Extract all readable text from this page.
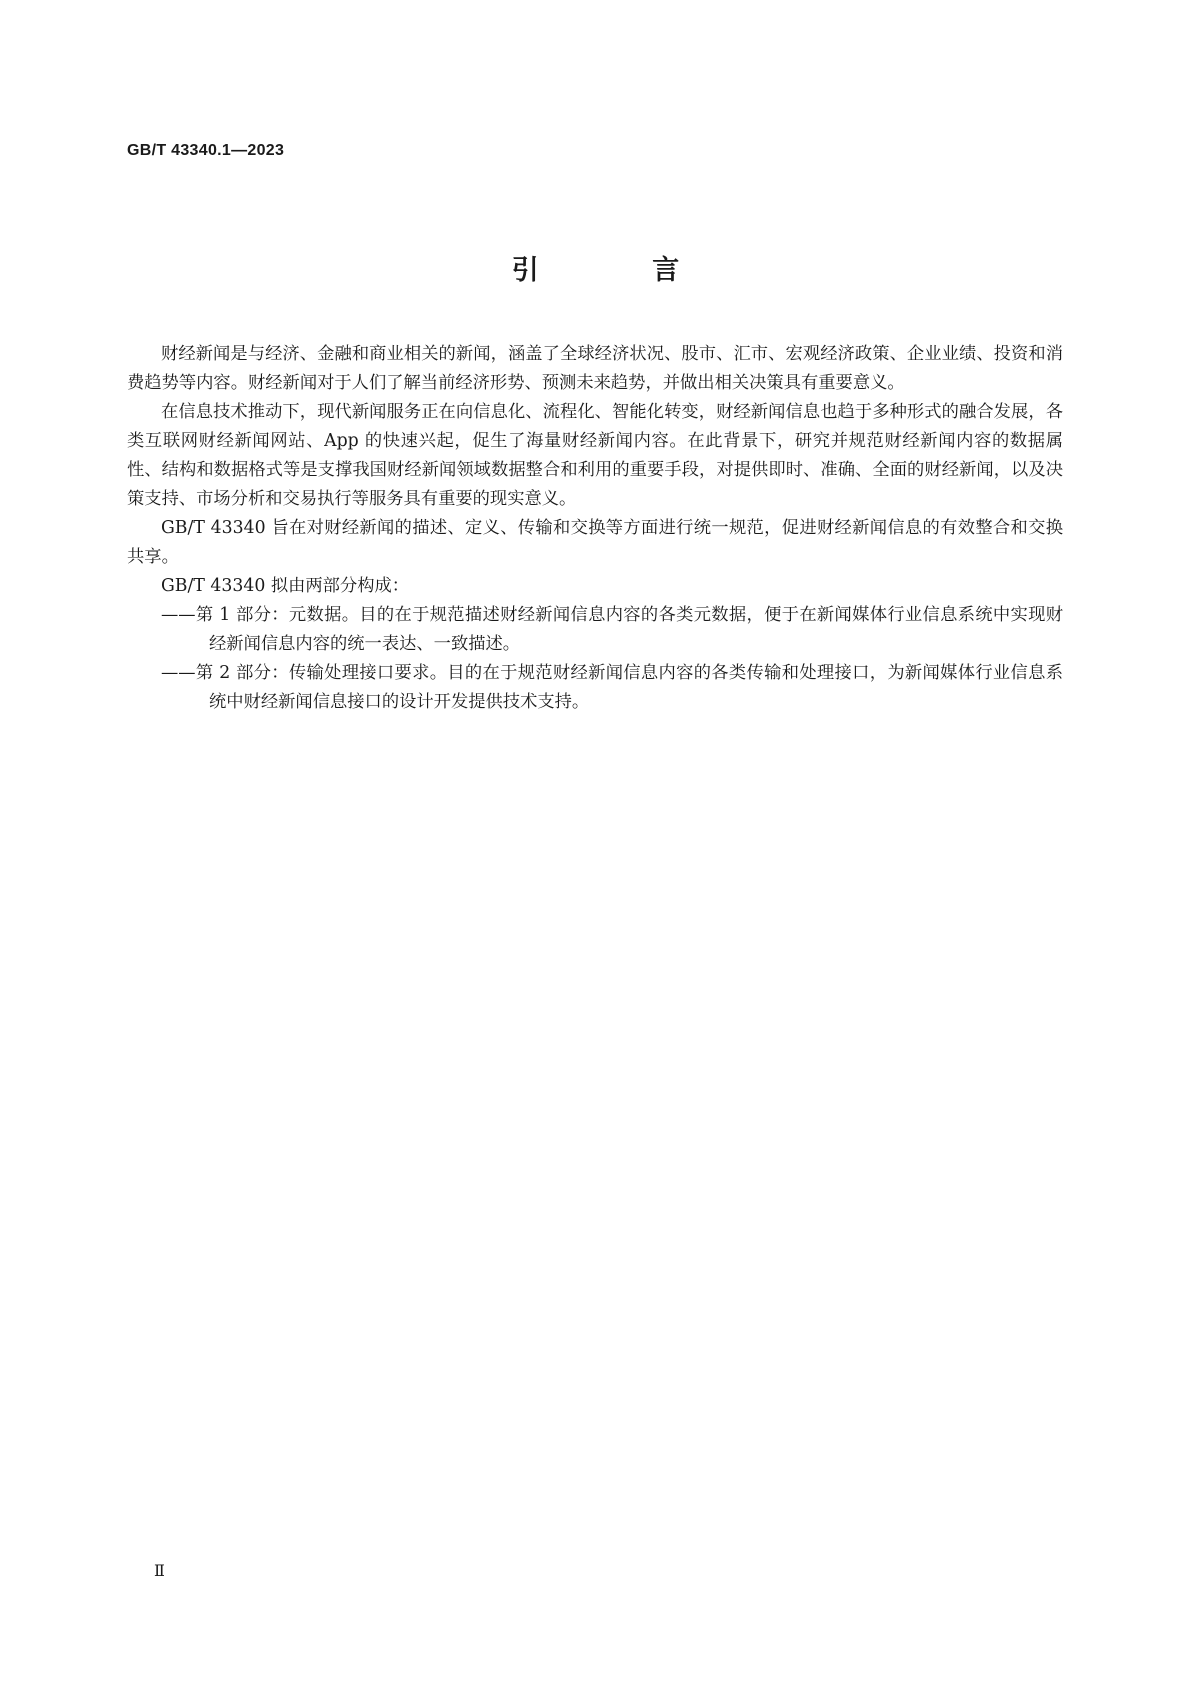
GB/T 43340.1—2023
引 言

财经新闻是与经济、金融和商业相关的新闻，涵盖了全球经济状况、股市、汇市、宏观经济政策、企业业绩、投资和消费趋势等内容。财经新闻对于人们了解当前经济形势、预测未来趋势，并做出相关决策具有重要意义。

在信息技术推动下，现代新闻服务正在向信息化、流程化、智能化转变，财经新闻信息也趋于多种形式的融合发展，各类互联网财经新闻网站、App 的快速兴起，促生了海量财经新闻内容。在此背景下，研究并规范财经新闻内容的数据属性、结构和数据格式等是支撑我国财经新闻领域数据整合和利用的重要手段，对提供即时、准确、全面的财经新闻，以及决策支持、市场分析和交易执行等服务具有重要的现实意义。

GB/T 43340 旨在对财经新闻的描述、定义、传输和交换等方面进行统一规范，促进财经新闻信息的有效整合和交换共享。

GB/T 43340 拟由两部分构成：

——第 1 部分：元数据。目的在于规范描述财经新闻信息内容的各类元数据，便于在新闻媒体行业信息系统中实现财经新闻信息内容的统一表达、一致描述。

——第 2 部分：传输处理接口要求。目的在于规范财经新闻信息内容的各类传输和处理接口，为新闻媒体行业信息系统中财经新闻信息接口的设计开发提供技术支持。

Ⅱ
